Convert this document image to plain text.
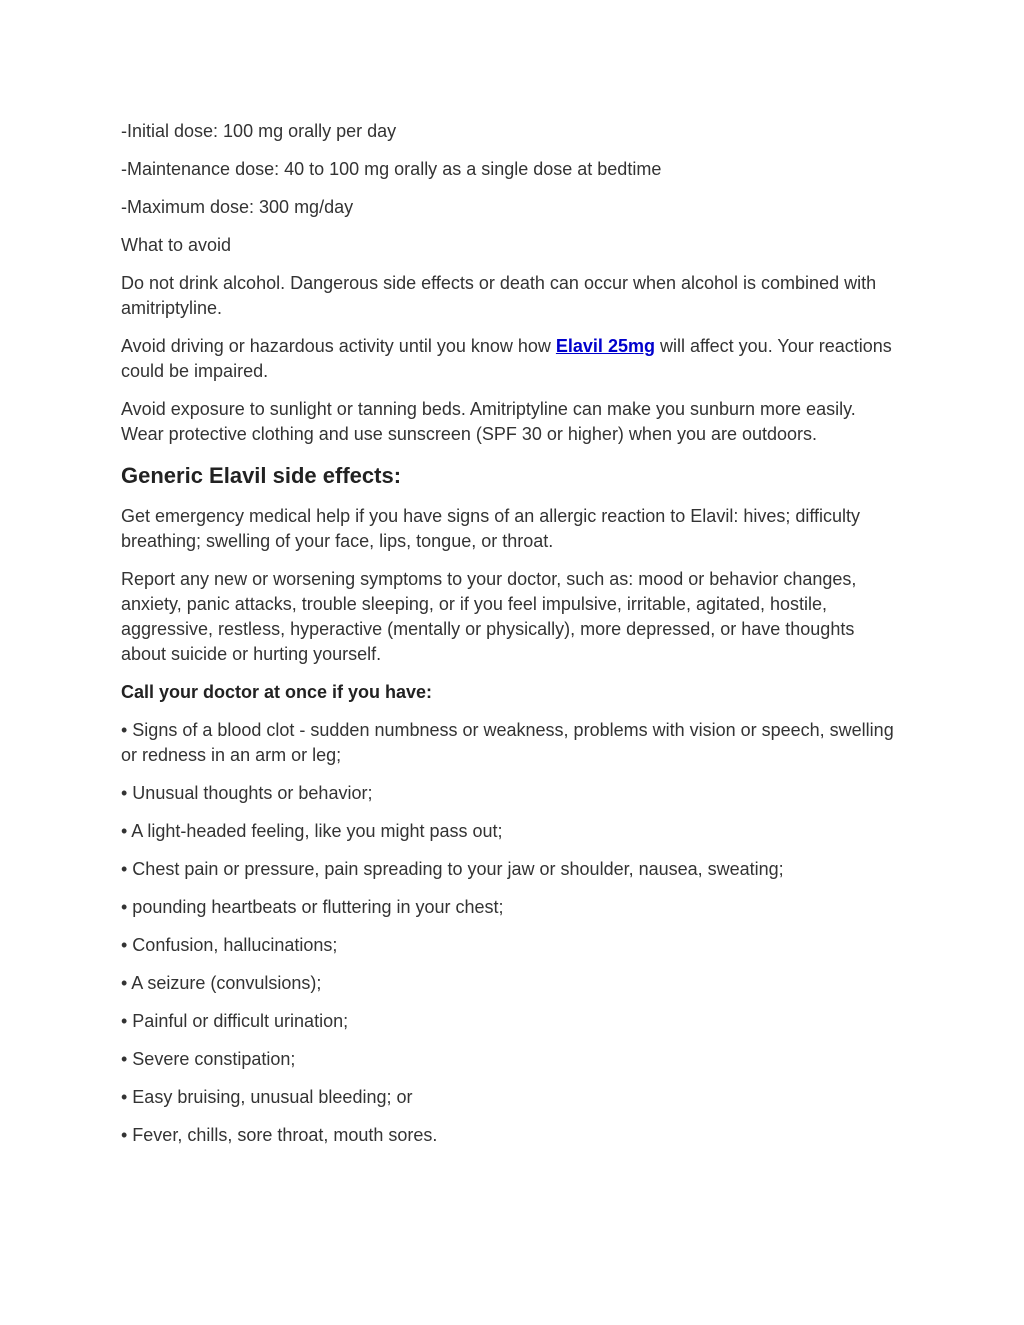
-Initial dose: 100 mg orally per day

-Maintenance dose: 40 to 100 mg orally as a single dose at bedtime

-Maximum dose: 300 mg/day

What to avoid

Do not drink alcohol. Dangerous side effects or death can occur when alcohol is combined with amitriptyline.

Avoid driving or hazardous activity until you know how Elavil 25mg will affect you. Your reactions could be impaired.

Avoid exposure to sunlight or tanning beds. Amitriptyline can make you sunburn more easily. Wear protective clothing and use sunscreen (SPF 30 or higher) when you are outdoors.

Generic Elavil side effects:

Get emergency medical help if you have signs of an allergic reaction to Elavil: hives; difficulty breathing; swelling of your face, lips, tongue, or throat.

Report any new or worsening symptoms to your doctor, such as: mood or behavior changes, anxiety, panic attacks, trouble sleeping, or if you feel impulsive, irritable, agitated, hostile, aggressive, restless, hyperactive (mentally or physically), more depressed, or have thoughts about suicide or hurting yourself.

Call your doctor at once if you have:

• Signs of a blood clot - sudden numbness or weakness, problems with vision or speech, swelling or redness in an arm or leg;

• Unusual thoughts or behavior;

• A light-headed feeling, like you might pass out;

• Chest pain or pressure, pain spreading to your jaw or shoulder, nausea, sweating;

• pounding heartbeats or fluttering in your chest;

• Confusion, hallucinations;

• A seizure (convulsions);

• Painful or difficult urination;

• Severe constipation;

• Easy bruising, unusual bleeding; or

• Fever, chills, sore throat, mouth sores.
